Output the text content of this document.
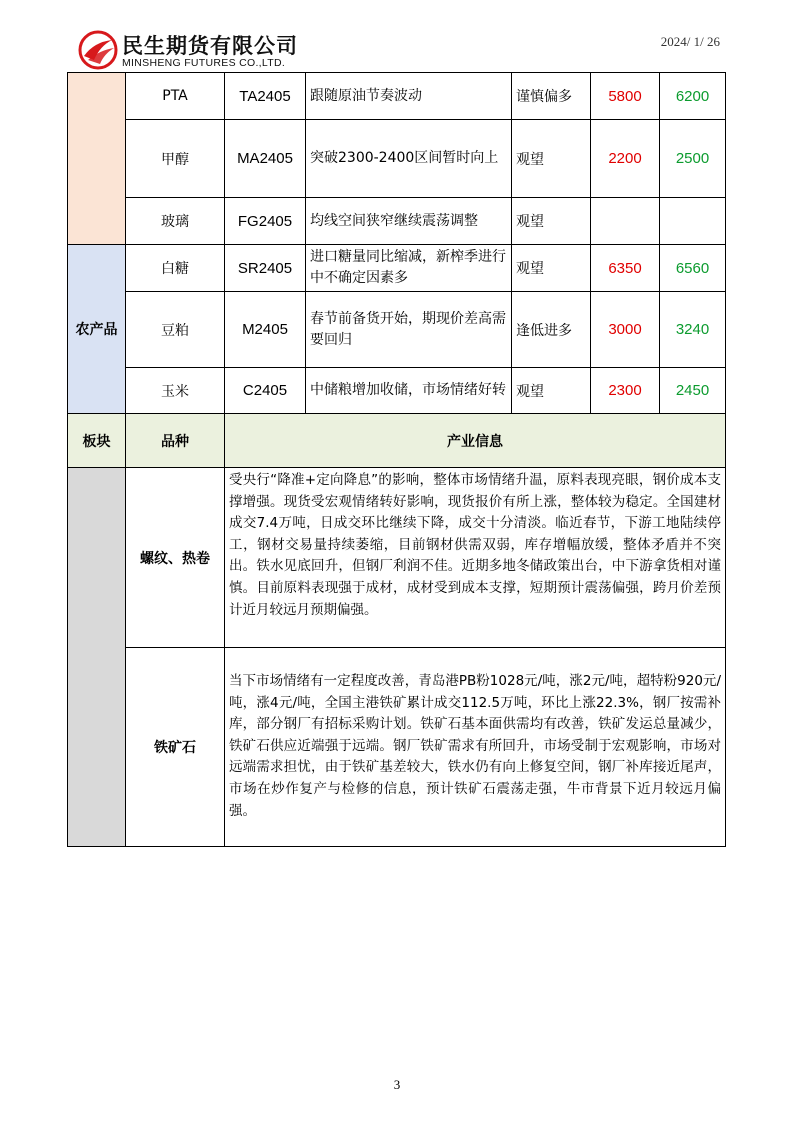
民生期货有限公司
MINSHENG FUTURES CO.,LTD.
2024/ 1/ 26
	PTA	TA2405	跟随原油节奏波动	谨慎偏多	5800	6200
	甲醇	MA2405	突破2300-2400区间暂时向上	观望	2200	2500
	玻璃	FG2405	均线空间狭窄继续震荡调整	观望		
农产品	白糖	SR2405	进口糖量同比缩减，新榨季进行中不确定因素多	观望	6350	6560
	豆粕	M2405	春节前备货开始，期现价差高需要回归	逢低进多	3000	3240
	玉米	C2405	中储粮增加收储，市场情绪好转	观望	2300	2450
板块	品种	产业信息				
	螺纹、热卷	受央行“降准+定向降息”的影响，整体市场情绪升温，原料表现亮眼，钢价成本支撑增强。现货受宏观情绪转好影响，现货报价有所上涨，整体较为稳定。全国建材成交7.4万吨，日成交环比继续下降，成交十分清淡。临近春节，下游工地陆续停工，钢材交易量持续萎缩，目前钢材供需双弱，库存增幅放缓，整体矛盾并不突出。铁水见底回升，但钢厂利润不佳。近期多地冬储政策出台，中下游拿货相对谨慎。目前原料表现强于成材，成材受到成本支撑，短期预计震荡偏强，跨月价差预计近月较远月预期偏强。				
	铁矿石	当下市场情绪有一定程度改善，青岛港PB粉1028元/吨，涨2元/吨，超特粉920元/吨，涨4元/吨，全国主港铁矿累计成交112.5万吨，环比上涨22.3%，钢厂按需补库，部分钢厂有招标采购计划。铁矿石基本面供需均有改善，铁矿发运总量减少，铁矿石供应近端强于远端。钢厂铁矿需求有所回升，市场受制于宏观影响，市场对远端需求担忧，由于铁矿基差较大，铁水仍有向上修复空间，钢厂补库接近尾声，市场在炒作复产与检修的信息，预计铁矿石震荡走强，牛市背景下近月较远月偏强。				
3
